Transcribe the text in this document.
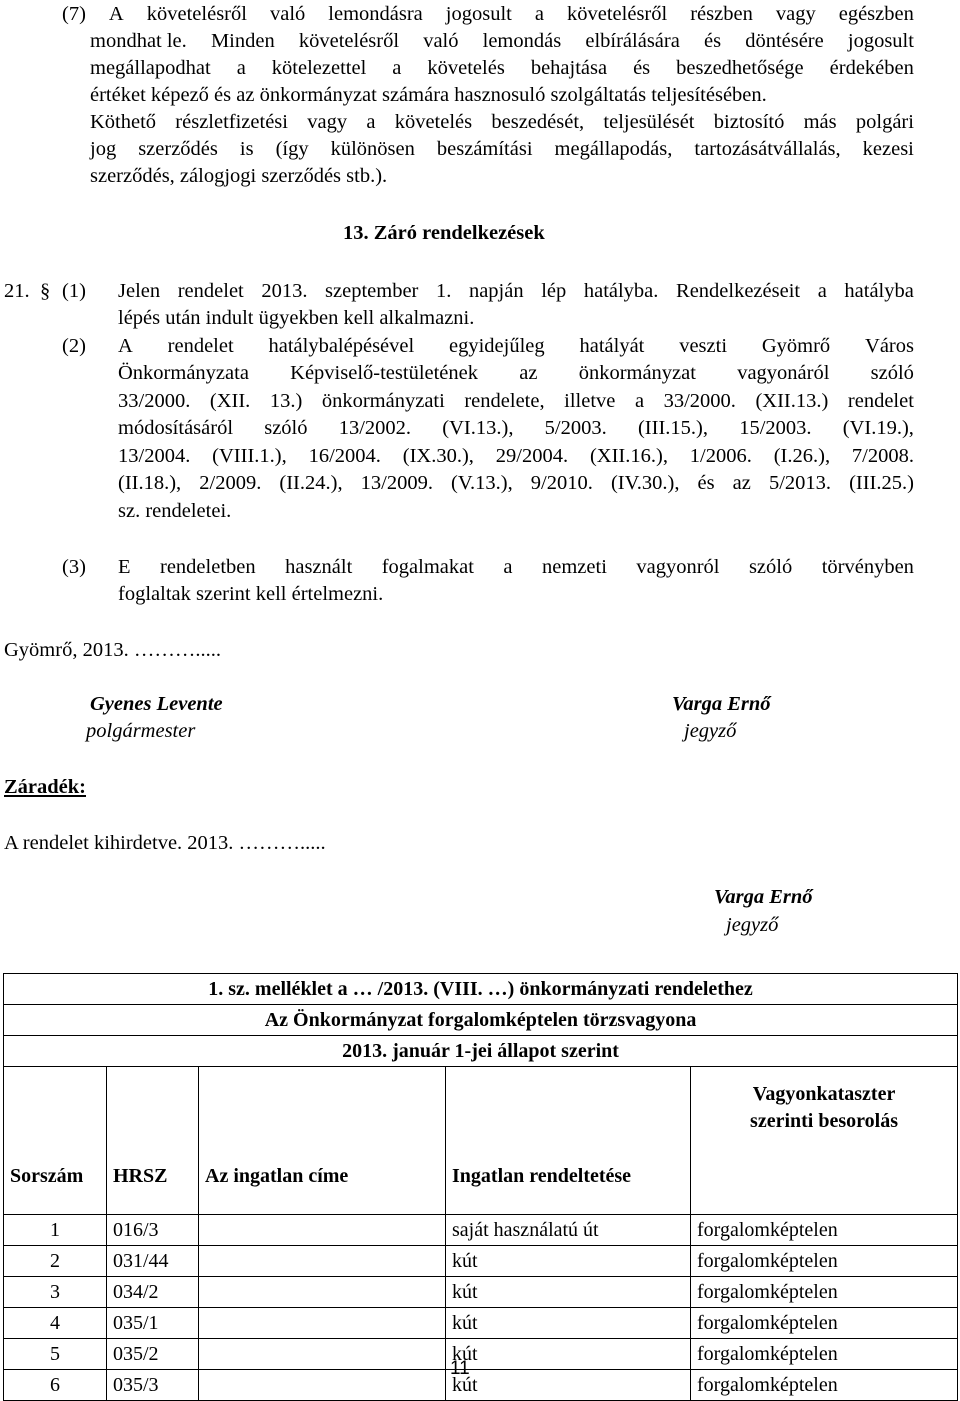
(7) A követelésről való lemondásra jogosult a követelésről részben vagy egészben
mondhat le. Minden követelésről való lemondás elbírálására és döntésére jogosult
megállapodhat a kötelezettel a követelés behajtása és beszedhetősége érdekében
értéket képező és az önkormányzat számára hasznosuló szolgáltatás teljesítésében.
Köthető részletfizetési vagy a követelés beszedését, teljesülését biztosító más polgári
jog szerződés is (így különösen beszámítási megállapodás, tartozásátvállalás, kezesi
szerződés, zálogjogi szerződés stb.).
13. Záró rendelkezések
21. § (1) Jelen rendelet 2013. szeptember 1. napján lép hatályba. Rendelkezéseit a hatályba
lépés után indult ügyekben kell alkalmazni.
(2) A rendelet hatálybalépésével egyidejűleg hatályát veszti Gyömrő Város
Önkormányzata Képviselő-testületének az önkormányzat vagyonáról szóló
33/2000. (XII. 13.) önkormányzati rendelete, illetve a 33/2000. (XII.13.) rendelet
módosításáról szóló 13/2002. (VI.13.), 5/2003. (III.15.), 15/2003. (VI.19.),
13/2004. (VIII.1.), 16/2004. (IX.30.), 29/2004. (XII.16.), 1/2006. (I.26.), 7/2008.
(II.18.), 2/2009. (II.24.), 13/2009. (V.13.), 9/2010. (IV.30.), és az 5/2013. (III.25.)
sz. rendeletei.
(3) E rendeletben használt fogalmakat a nemzeti vagyonról szóló törvényben
foglaltak szerint kell értelmezni.
Gyömrő, 2013. ……….....
Gyenes Levente
polgármester
Varga Ernő
jegyző
Záradék:
A rendelet kihirdetve. 2013. ……….....
Varga Ernő
jegyző
1. sz. melléklet a … /2013. (VIII. …) önkormányzati rendelethez				
Az Önkormányzat forgalomképtelen törzsvagyona				
2013. január 1-jei állapot szerint				
Sorszám	HRSZ	Az ingatlan címe	Ingatlan rendeltetése	Vagyonkataszter
szerinti besorolás

1	016/3		saját használatú út	forgalomképtelen
2	031/44		kút	forgalomképtelen
3	034/2		kút	forgalomképtelen
4	035/1		kút	forgalomképtelen
5	035/2		kút	forgalomképtelen
6	035/3		kút	forgalomképtelen
11
